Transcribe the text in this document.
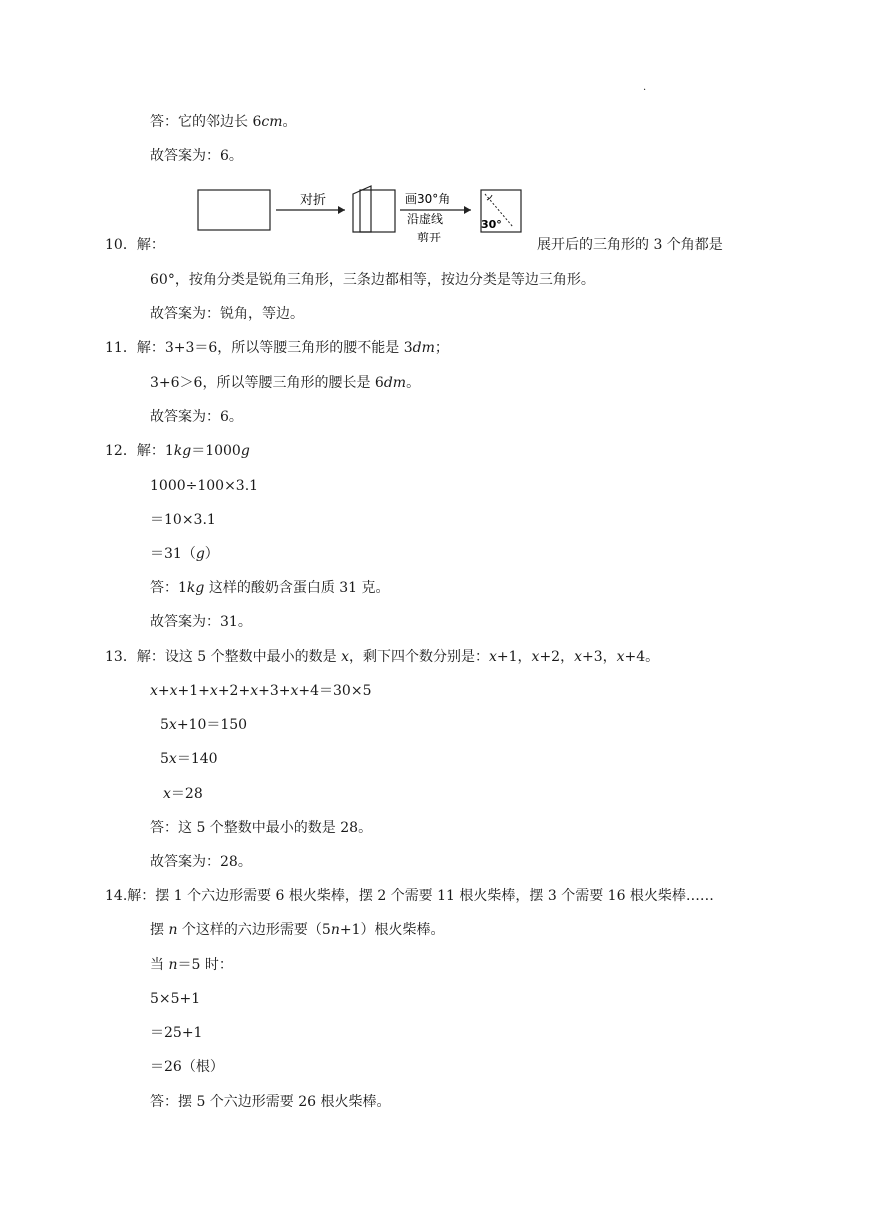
.
答：它的邻边长 6cm。
故答案为：6。
对折	画30°角
沿虚线
剪开
30°
10．解：	展开后的三角形的 3 个角都是
60°，按角分类是锐角三角形，三条边都相等，按边分类是等边三角形。
故答案为：锐角，等边。
11．解：3+3＝6，所以等腰三角形的腰不能是 3dm；
3+6＞6，所以等腰三角形的腰长是 6dm。
故答案为：6。
12．解：1kg＝1000g
1000÷100×3.1
＝10×3.1
＝31（g）
答：1kg 这样的酸奶含蛋白质 31 克。
故答案为：31。
13．解：设这 5 个整数中最小的数是 x，剩下四个数分别是：x+1，x+2，x+3，x+4。
x+x+1+x+2+x+3+x+4＝30×5
5x+10＝150
5x＝140
x＝28
答：这 5 个整数中最小的数是 28。
故答案为：28。
14.解：摆 1 个六边形需要 6 根火柴棒，摆 2 个需要 11 根火柴棒，摆 3 个需要 16 根火柴棒……
摆 n 个这样的六边形需要（5n+1）根火柴棒。
当 n＝5 时：
5×5+1
＝25+1
＝26（根）
答：摆 5 个六边形需要 26 根火柴棒。
